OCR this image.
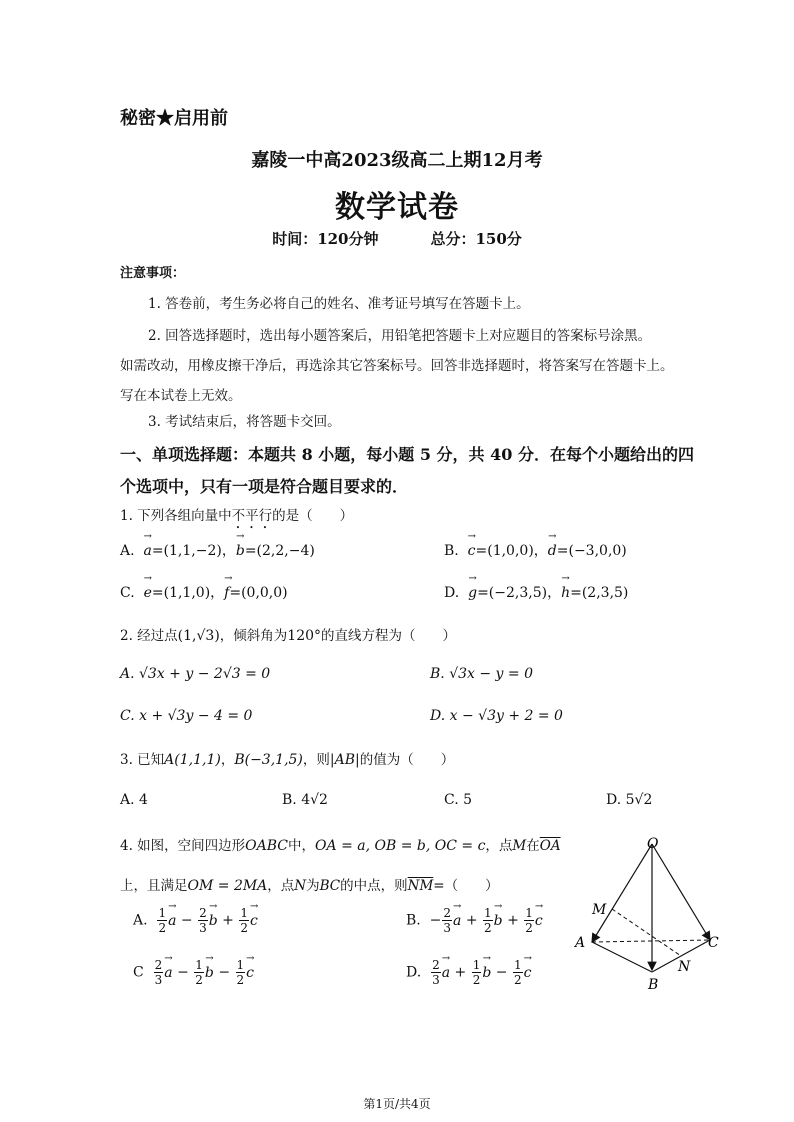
秘密★启用前
嘉陵一中高2023级高二上期12月考
数学试卷
时间：120分钟	总分：150分
注意事项：
1. 答卷前，考生务必将自己的姓名、准考证号填写在答题卡上。
2. 回答选择题时，选出每小题答案后，用铅笔把答题卡上对应题目的答案标号涂黑。
如需改动，用橡皮擦干净后，再选涂其它答案标号。回答非选择题时，将答案写在答题卡上。
写在本试卷上无效。
3. 考试结束后，将答题卡交回。
一、单项选择题：本题共 8 小题，每小题 5 分，共 40 分．在每个小题给出的四
个选项中，只有一项是符合题目要求的．
1. 下列各组向量中不平行的是（　　）
A. → a=(1,1,−2)，→ b=(2,2,−4)	B. → c=(1,0,0)，→ d=(−3,0,0)
C. → e=(1,1,0)，→ f=(0,0,0)	D. → g=(−2,3,5)，→ h=(2,3,5)
2. 经过点(1,√3)，倾斜角为120°的直线方程为（　　）
A. √3x + y − 2√3 = 0	B. √3x − y = 0
C. x + √3y − 4 = 0	D. x − √3y + 2 = 0
3. 已知A(1,1,1)，B(−3,1,5)，则|AB|的值为（　　）
A. 4	B. 4√2	C. 5	D. 5√2
4. 如图，空间四边形OABC中，OA = a, OB = b, OC = c，点M在$\overline{OA}$
上，且满足OM = 2MA，点N为BC的中点，则$\overline{NM}=$（　　）
A. $\frac{1}{2} \to a - \frac{2}{3} \to b + \frac{1}{2} \to c$	B.  − $\frac{2}{3} \to a + \frac{1}{2} \to b + \frac{1}{2} \to c$
C $\frac{2}{3} \to a - \frac{1}{2} \to b - \frac{1}{2} \to c$	D. $\frac{2}{3} \to a + \frac{1}{2} \to b - \frac{1}{2} \to c$
O
A
B
C
M
N
第1页/共4页
